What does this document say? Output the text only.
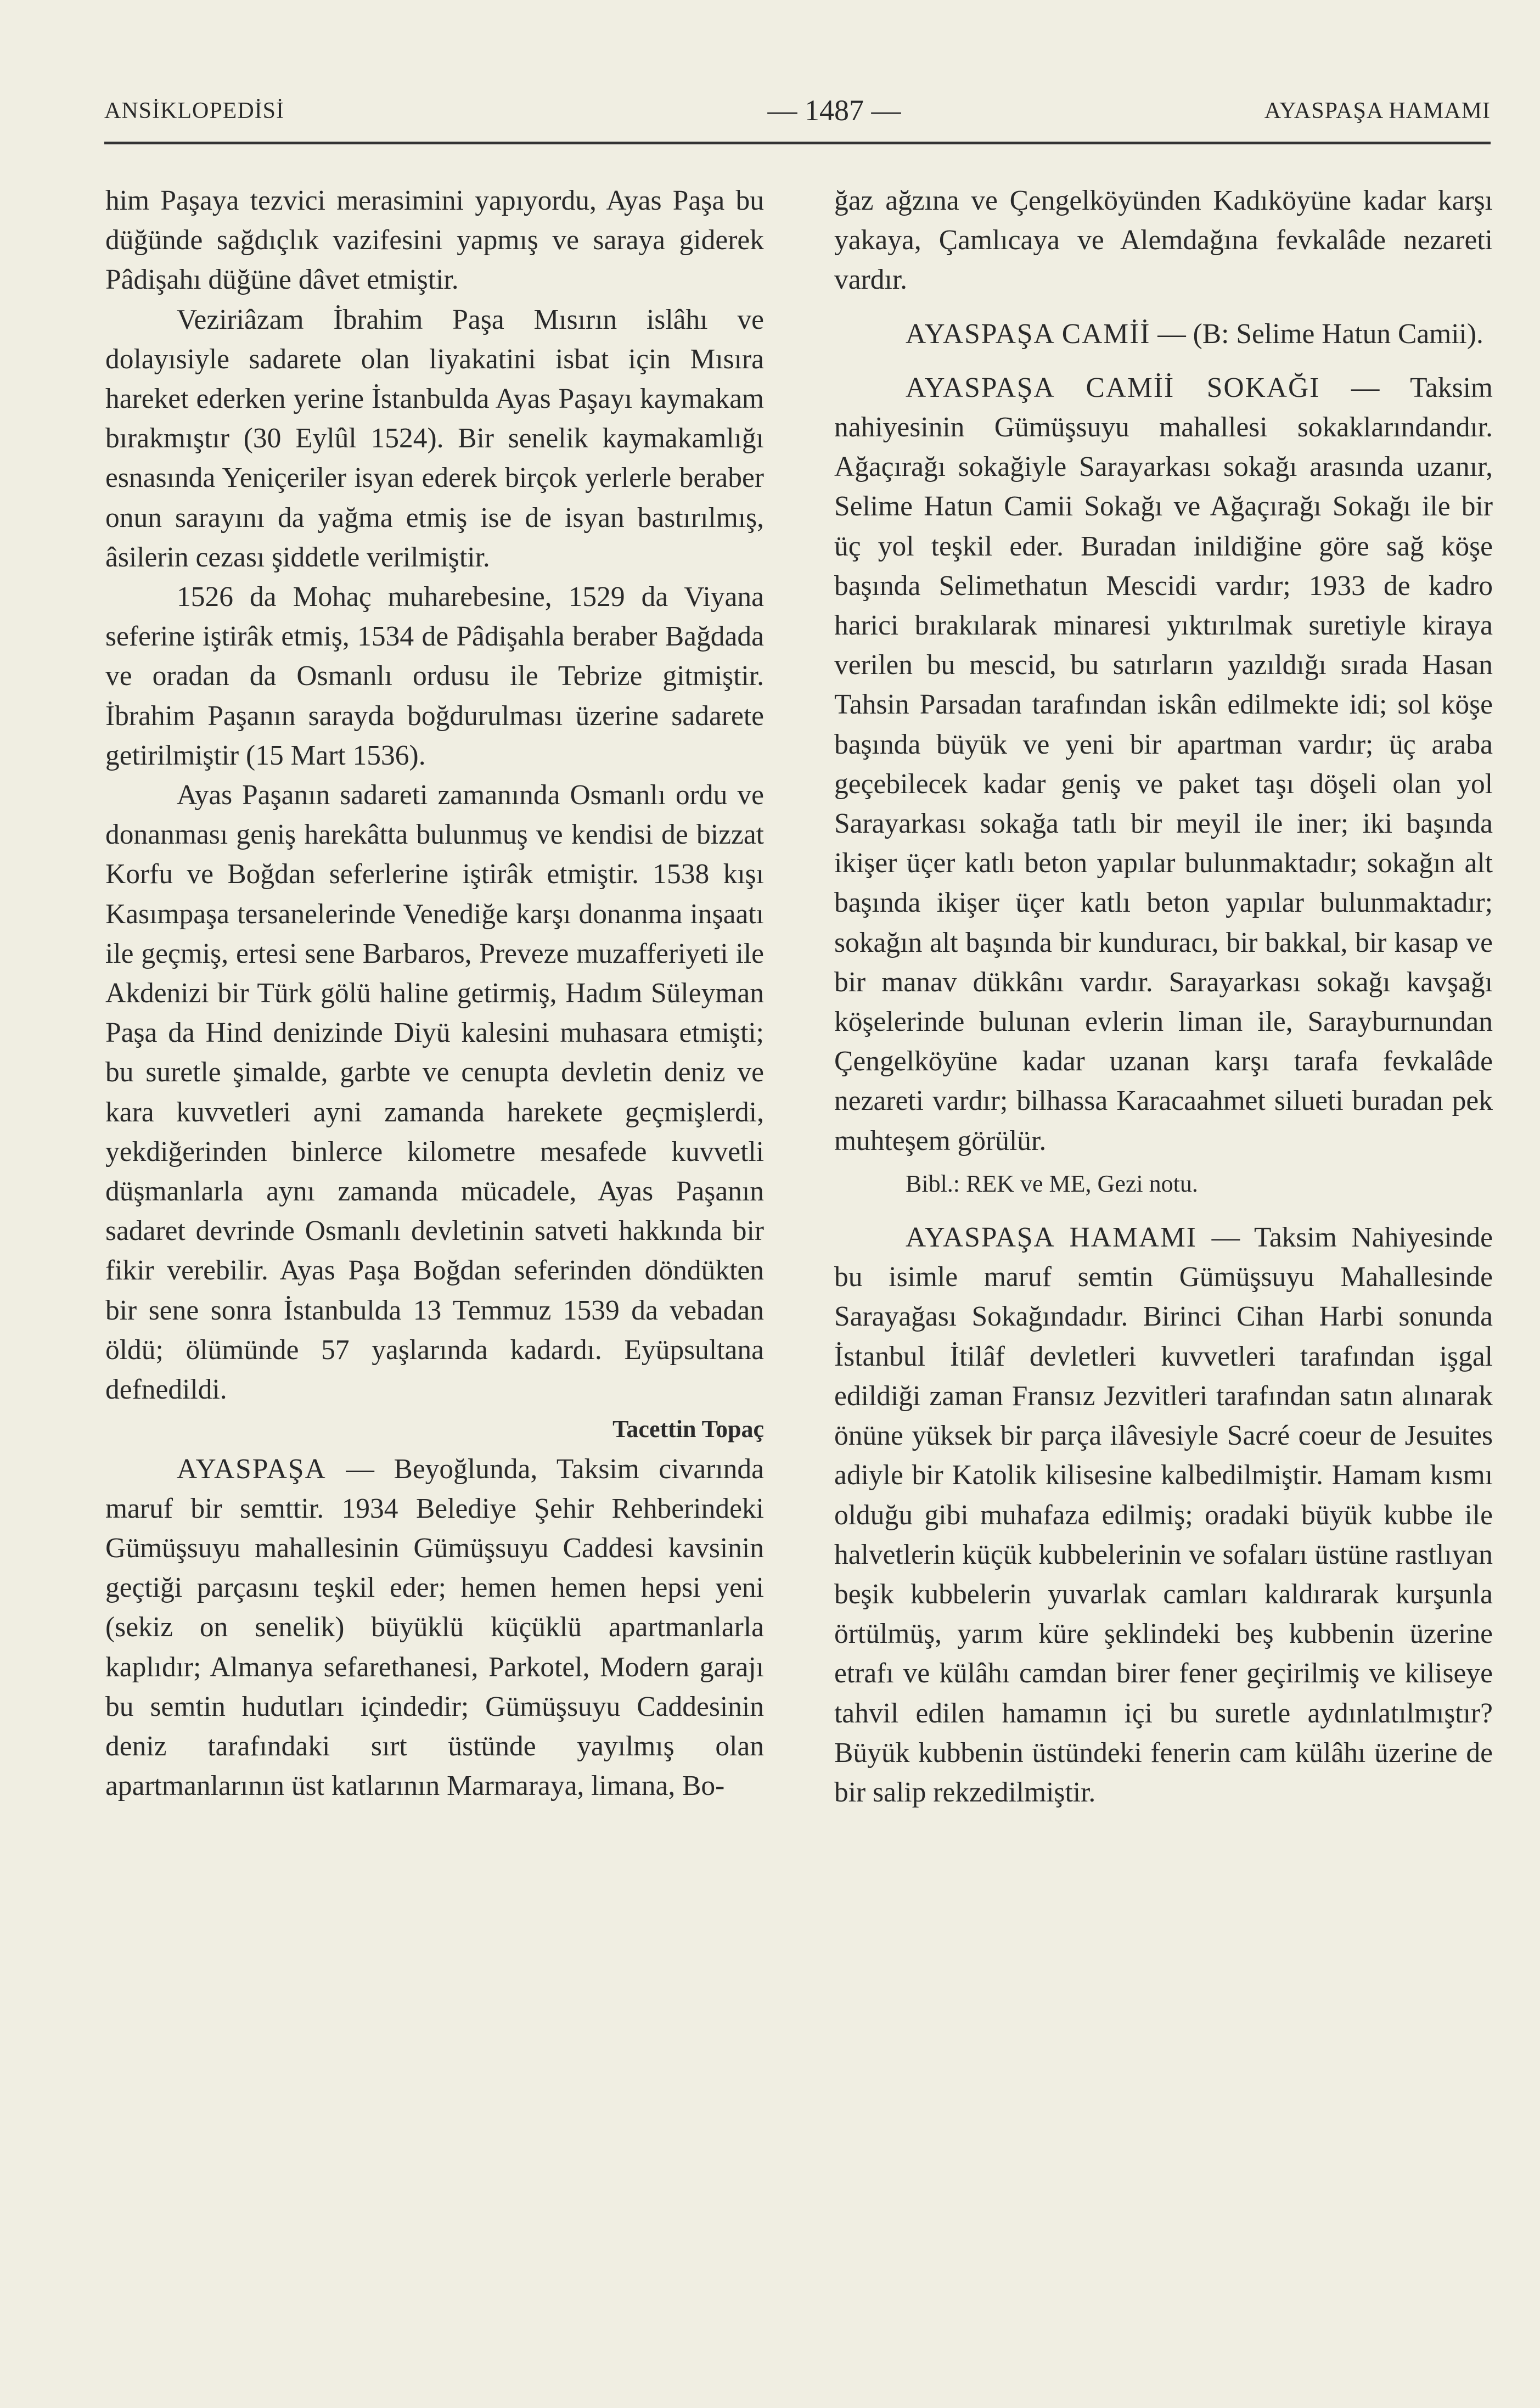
ANSİKLOPEDİSİ	— 1487 —	AYASPAŞA HAMAMI

him Paşaya tezvici merasimini yapıyordu, Ayas Paşa bu düğünde sağdıçlık vazifesini yapmış ve saraya giderek Pâdişahı düğüne dâvet etmiştir.

Veziriâzam İbrahim Paşa Mısırın islâhı ve dolayısiyle sadarete olan liyakatini isbat için Mısıra hareket ederken yerine İstanbulda Ayas Paşayı kaymakam bırakmıştır (30 Eylûl 1524). Bir senelik kaymakamlığı esnasında Yeniçeriler isyan ederek birçok yerlerle beraber onun sarayını da yağma etmiş ise de isyan bastırılmış, âsilerin cezası şiddetle verilmiştir.

1526 da Mohaç muharebesine, 1529 da Viyana seferine iştirâk etmiş, 1534 de Pâdişahla beraber Bağdada ve oradan da Osmanlı ordusu ile Tebrize gitmiştir. İbrahim Paşanın sarayda boğdurulması üzerine sadarete getirilmiştir (15 Mart 1536).

Ayas Paşanın sadareti zamanında Osmanlı ordu ve donanması geniş harekâtta bulunmuş ve kendisi de bizzat Korfu ve Boğdan seferlerine iştirâk etmiştir. 1538 kışı Kasımpaşa tersanelerinde Venediğe karşı donanma inşaatı ile geçmiş, ertesi sene Barbaros, Preveze muzafferiyeti ile Akdenizi bir Türk gölü haline getirmiş, Hadım Süleyman Paşa da Hind denizinde Diyü kalesini muhasara etmişti; bu suretle şimalde, garbte ve cenupta devletin deniz ve kara kuvvetleri ayni zamanda harekete geçmişlerdi, yekdiğerinden binlerce kilometre mesafede kuvvetli düşmanlarla aynı zamanda mücadele, Ayas Paşanın sadaret devrinde Osmanlı devletinin satveti hakkında bir fikir verebilir. Ayas Paşa Boğdan seferinden döndükten bir sene sonra İstanbulda 13 Temmuz 1539 da vebadan öldü; ölümünde 57 yaşlarında kadardı. Eyüpsultana defnedildi.

Tacettin Topaç

AYASPAŞA — Beyoğlunda, Taksim civarında maruf bir semttir. 1934 Belediye Şehir Rehberindeki Gümüşsuyu mahallesinin Gümüşsuyu Caddesi kavsinin geçtiği parçasını teşkil eder; hemen hemen hepsi yeni (sekiz on senelik) büyüklü küçüklü apartmanlarla kaplıdır; Almanya sefarethanesi, Parkotel, Modern garajı bu semtin hudutları içindedir; Gümüşsuyu Caddesinin deniz tarafındaki sırt üstünde yayılmış olan apartmanlarının üst katlarının Marmaraya, limana, Bo-

ğaz ağzına ve Çengelköyünden Kadıköyüne kadar karşı yakaya, Çamlıcaya ve Alemdağına fevkalâde nezareti vardır.

AYASPAŞA CAMİİ — (B: Selime Hatun Camii).

AYASPAŞA CAMİİ SOKAĞI — Taksim nahiyesinin Gümüşsuyu mahallesi sokaklarındandır. Ağaçırağı sokağiyle Sarayarkası sokağı arasında uzanır, Selime Hatun Camii Sokağı ve Ağaçırağı Sokağı ile bir üç yol teşkil eder. Buradan inildiğine göre sağ köşe başında Selimethatun Mescidi vardır; 1933 de kadro harici bırakılarak minaresi yıktırılmak suretiyle kiraya verilen bu mescid, bu satırların yazıldığı sırada Hasan Tahsin Parsadan tarafından iskân edilmekte idi; sol köşe başında büyük ve yeni bir apartman vardır; üç araba geçebilecek kadar geniş ve paket taşı döşeli olan yol Sarayarkası sokağa tatlı bir meyil ile iner; iki başında ikişer üçer katlı beton yapılar bulunmaktadır; sokağın alt başında ikişer üçer katlı beton yapılar bulunmaktadır; sokağın alt başında bir kunduracı, bir bakkal, bir kasap ve bir manav dükkânı vardır. Sarayarkası sokağı kavşağı köşelerinde bulunan evlerin liman ile, Sarayburnundan Çengelköyüne kadar uzanan karşı tarafa fevkalâde nezareti vardır; bilhassa Karacaahmet silueti buradan pek muhteşem görülür.

Bibl.: REK ve ME, Gezi notu.

AYASPAŞA HAMAMI — Taksim Nahiyesinde bu isimle maruf semtin Gümüşsuyu Mahallesinde Sarayağası Sokağındadır. Birinci Cihan Harbi sonunda İstanbul İtilâf devletleri kuvvetleri tarafından işgal edildiği zaman Fransız Jezvitleri tarafından satın alınarak önüne yüksek bir parça ilâvesiyle Sacré coeur de Jesuites adiyle bir Katolik kilisesine kalbedilmiştir. Hamam kısmı olduğu gibi muhafaza edilmiş; oradaki büyük kubbe ile halvetlerin küçük kubbelerinin ve sofaları üstüne rastlıyan beşik kubbelerin yuvarlak camları kaldırarak kurşunla örtülmüş, yarım küre şeklindeki beş kubbenin üzerine etrafı ve külâhı camdan birer fener geçirilmiş ve kiliseye tahvil edilen hamamın içi bu suretle aydınlatılmıştır? Büyük kubbenin üstündeki fenerin cam külâhı üzerine de bir salip rekzedilmiştir.
